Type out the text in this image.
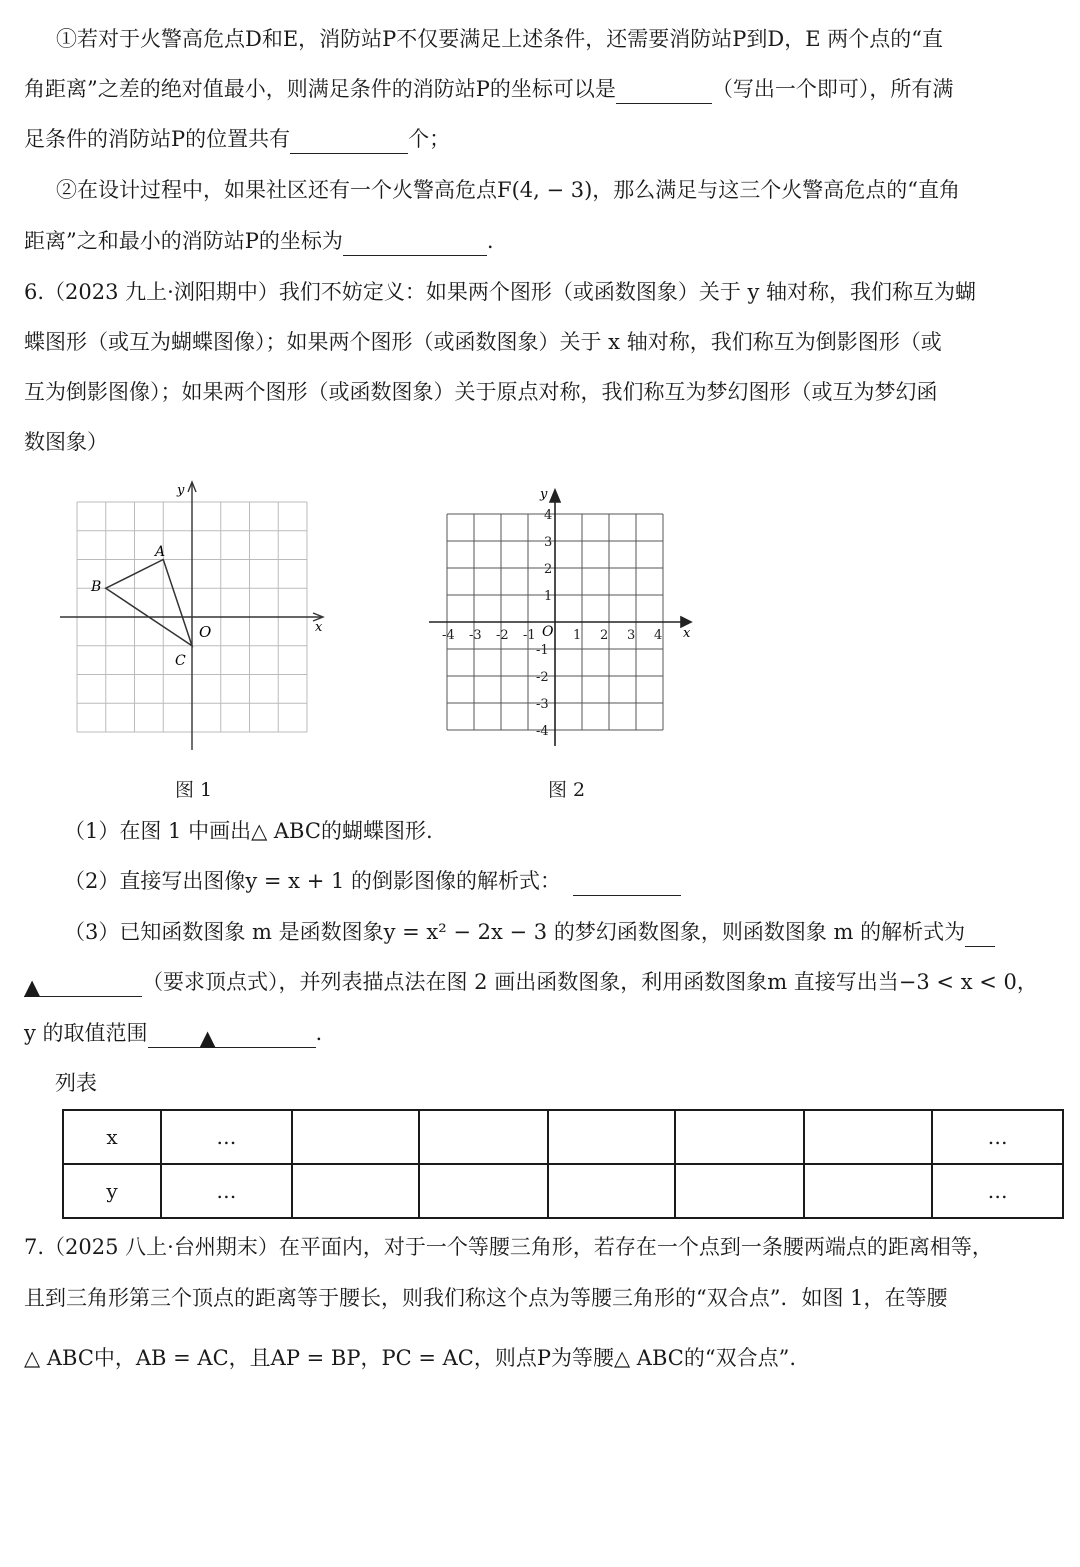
①若对于火警高危点D和E，消防站P不仅要满足上述条件，还需要消防站P到D，E 两个点的“直
角距离”之差的绝对值最小，则满足条件的消防站P的坐标可以是	（写出一个即可），所有满
足条件的消防站P的位置共有	个；
②在设计过程中，如果社区还有一个火警高危点F(4, − 3)，那么满足与这三个火警高危点的“直角
距离”之和最小的消防站P的坐标为	.
6.（2023 九上·浏阳期中）我们不妨定义：如果两个图形（或函数图象）关于 y 轴对称，我们称互为蝴
蝶图形（或互为蝴蝶图像）；如果两个图形（或函数图象）关于 x 轴对称，我们称互为倒影图形（或
互为倒影图像）；如果两个图形（或函数图象）关于原点对称，我们称互为梦幻图形（或互为梦幻函
数图象）
A
B
C
O	x
y
图 1
-4 -3 -2 -1	1 2 3 4
4
3
2
1
-1
-2
-3
-4
O	x
y
图 2
（1）在图 1 中画出△ ABC的蝴蝶图形.
（2）直接写出图像y = x + 1 的倒影图像的解析式：
（3）已知函数图象 m 是函数图象y = x² − 2x − 3 的梦幻函数图象，则函数图象 m 的解析式为
▲	（要求顶点式），并列表描点法在图 2 画出函数图象，利用函数图象m 直接写出当−3 < x < 0，
y 的取值范围 ▲	.
列表
x	…						…
y	…						…
7.（2025 八上·台州期末）在平面内，对于一个等腰三角形，若存在一个点到一条腰两端点的距离相等，
且到三角形第三个顶点的距离等于腰长，则我们称这个点为等腰三角形的“双合点”．如图 1，在等腰
△ ABC中，AB = AC，且AP = BP，PC = AC，则点P为等腰△ ABC的“双合点”.
